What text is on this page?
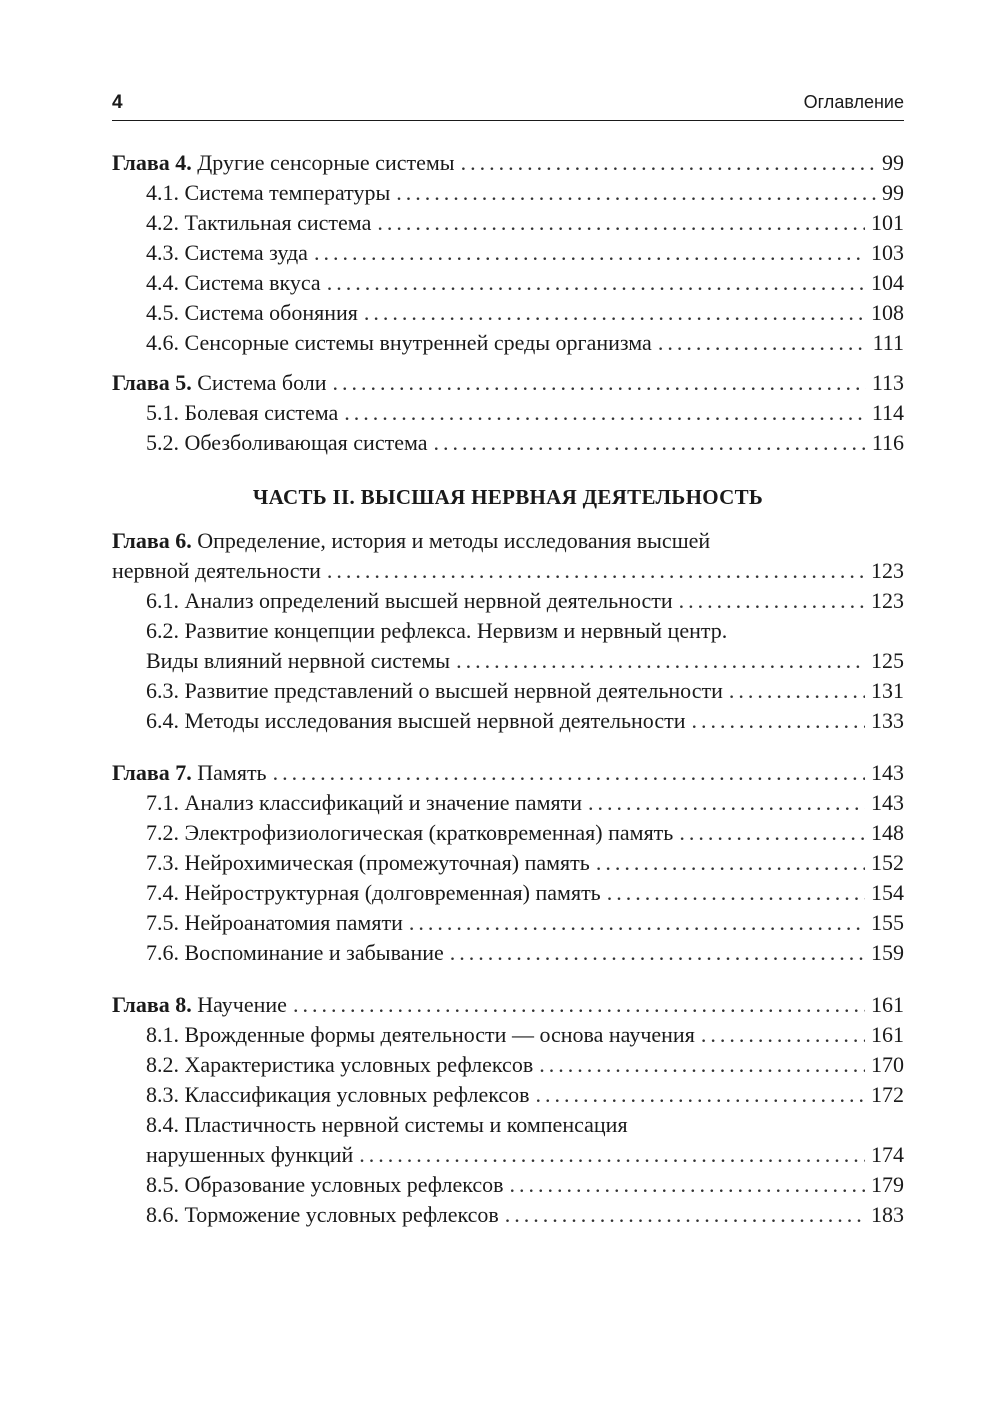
4	Оглавление
Глава 4. Другие сенсорные системы .....	99
4.1. Система температуры .....	99
4.2. Тактильная система .....	101
4.3. Система зуда .....	103
4.4. Система вкуса .....	104
4.5. Система обоняния .....	108
4.6. Сенсорные системы внутренней среды организма .....	111
Глава 5. Система боли .....	113
5.1. Болевая система .....	114
5.2. Обезболивающая система .....	116
ЧАСТЬ II. ВЫСШАЯ НЕРВНАЯ ДЕЯТЕЛЬНОСТЬ
Глава 6. Определение, история и методы исследования высшей
нервной деятельности .....	123
6.1. Анализ определений высшей нервной деятельности .....	123
6.2. Развитие концепции рефлекса. Нервизм и нервный центр.
Виды влияний нервной системы .....	125
6.3. Развитие представлений о высшей нервной деятельности .....	131
6.4. Методы исследования высшей нервной деятельности .....	133
Глава 7. Память .....	143
7.1. Анализ классификаций и значение памяти .....	143
7.2. Электрофизиологическая (кратковременная) память .....	148
7.3. Нейрохимическая (промежуточная) память .....	152
7.4. Нейроструктурная (долговременная) память .....	154
7.5. Нейроанатомия памяти .....	155
7.6. Воспоминание и забывание .....	159
Глава 8. Научение .....	161
8.1. Врожденные формы деятельности — основа научения .....	161
8.2. Характеристика условных рефлексов .....	170
8.3. Классификация условных рефлексов .....	172
8.4. Пластичность нервной системы и компенсация
нарушенных функций .....	174
8.5. Образование условных рефлексов .....	179
8.6. Торможение условных рефлексов .....	183
